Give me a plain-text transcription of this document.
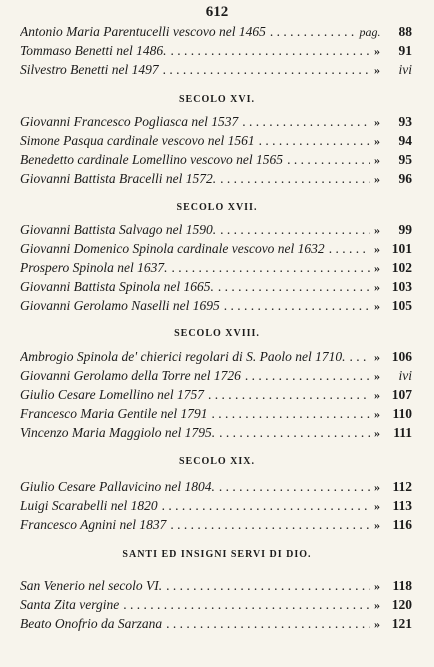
612
Antonio Maria Parentucelli vescovo nel 1465 . . .	pag.	88
Tommaso Benetti nel 1486. . . .	»	91
Silvestro Benetti nel 1497 . . .	»	ivi
SECOLO XVI.
Giovanni Francesco Pogliasca nel 1537 . . .	»	93
Simone Pasqua cardinale vescovo nel 1561 . . .	»	94
Benedetto cardinale Lomellino vescovo nel 1565 . . .	»	95
Giovanni Battista Bracelli nel 1572. . . .	»	96
SECOLO XVII.
Giovanni Battista Salvago nel 1590. . . .	»	99
Giovanni Domenico Spinola cardinale vescovo nel 1632 . . .	» 101
Prospero Spinola nel 1637. . . .	» 102
Giovanni Battista Spinola nel 1665. . . .	» 103
Giovanni Gerolamo Naselli nel 1695 . . .	» 105
SECOLO XVIII.
Ambrogio Spinola de' chierici regolari di S. Paolo nel 1710. . . .	» 106
Giovanni Gerolamo della Torre nel 1726 . . .	»	ivi
Giulio Cesare Lomellino nel 1757 . . .	» 107
Francesco Maria Gentile nel 1791 . . .	» 110
Vincenzo Maria Maggiolo nel 1795. . . .	» 111
SECOLO XIX.
Giulio Cesare Pallavicino nel 1804. . . .	» 112
Luigi Scarabelli nel 1820 . . .	» 113
Francesco Agnini nel 1837 . . .	» 116
SANTI ED INSIGNI SERVI DI DIO.
San Venerio nel secolo VI. . . .	» 118
Santa Zita vergine . . .	» 120
Beato Onofrio da Sarzana . . .	» 121
